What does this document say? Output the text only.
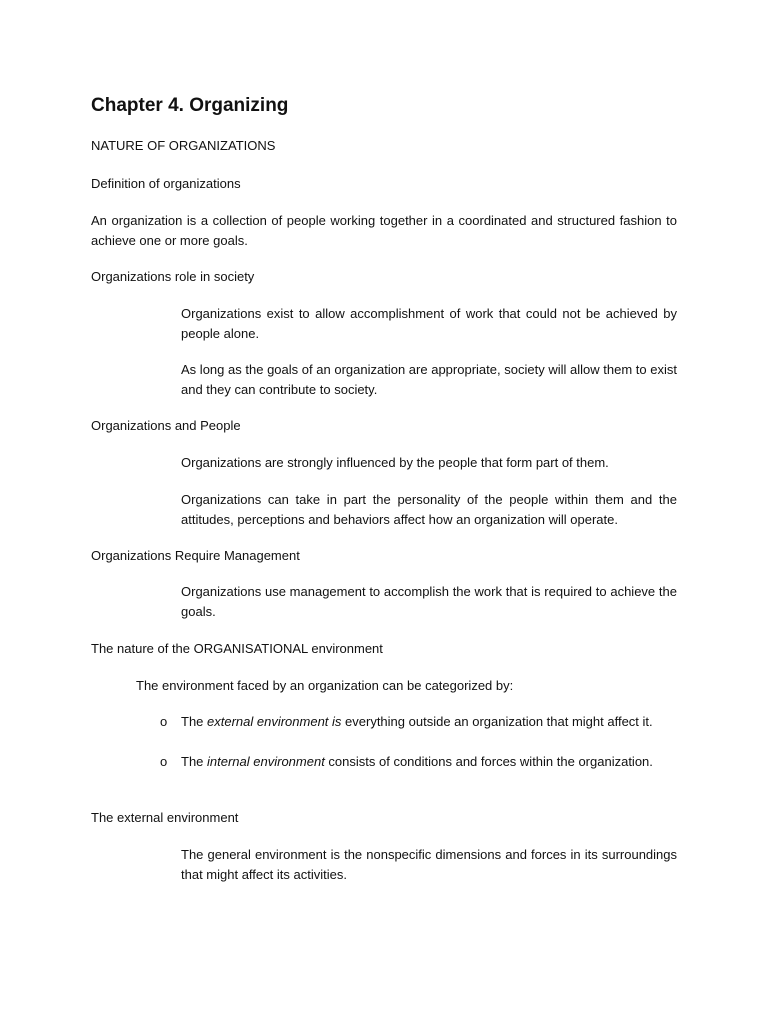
Chapter 4. Organizing
NATURE OF ORGANIZATIONS
Definition of organizations

An organization is a collection of people working together in a coordinated and structured fashion to achieve one or more goals.

Organizations role in society

Organizations exist to allow accomplishment of work that could not be achieved by people alone.

As long as the goals of an organization are appropriate, society will allow them to exist and they can contribute to society.

Organizations and People

Organizations are strongly influenced by the people that form part of them.

Organizations can take in part the personality of the people within them and the attitudes, perceptions and behaviors affect how an organization will operate.

Organizations Require Management

Organizations use management to accomplish the work that is required to achieve the goals.

The nature of the ORGANISATIONAL environment

The environment faced by an organization can be categorized by:

o The external environment is everything outside an organization that might affect it.
o The internal environment consists of conditions and forces within the organization.
The external environment

The general environment is the nonspecific dimensions and forces in its surroundings that might affect its activities.
